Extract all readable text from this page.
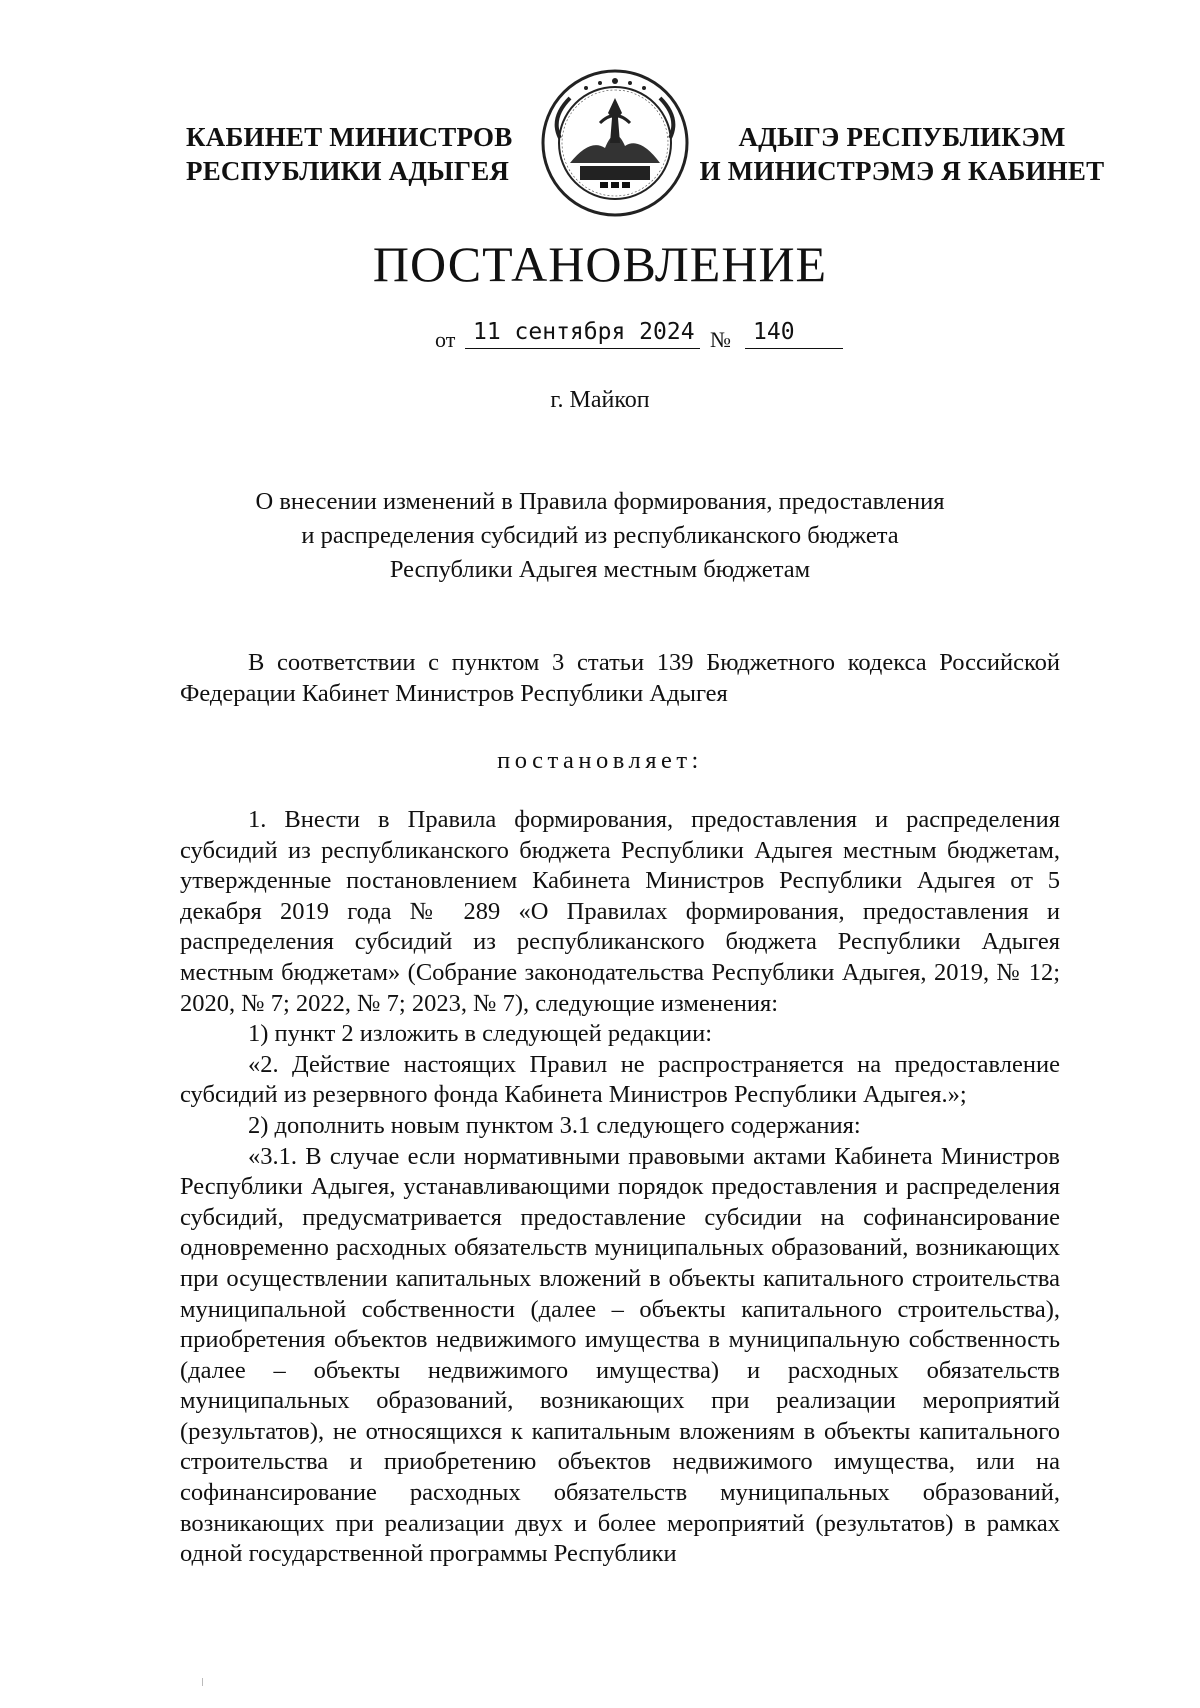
КАБИНЕТ МИНИСТРОВ
РЕСПУБЛИКИ АДЫГЕЯ
АДЫГЭ РЕСПУБЛИКЭМ
И МИНИСТРЭМЭ Я КАБИНЕТ
ПОСТАНОВЛЕНИЕ
от 11 сентября 2024 № 140
г. Майкоп
О внесении изменений в Правила формирования, предоставления
и распределения субсидий из республиканского бюджета
Республики Адыгея местным бюджетам

В соответствии с пунктом 3 статьи 139 Бюджетного кодекса Российской Федерации Кабинет Министров Республики Адыгея

постановляет:

1. Внести в Правила формирования, предоставления и распределения субсидий из республиканского бюджета Республики Адыгея местным бюджетам, утвержденные постановлением Кабинета Министров Республики Адыгея от 5 декабря 2019 года № 289 «О Правилах формирования, предоставления и распределения субсидий из республиканского бюджета Республики Адыгея местным бюджетам» (Собрание законодательства Республики Адыгея, 2019, № 12; 2020, № 7; 2022, № 7; 2023, № 7), следующие изменения:

1) пункт 2 изложить в следующей редакции:

«2. Действие настоящих Правил не распространяется на предоставление субсидий из резервного фонда Кабинета Министров Республики Адыгея.»;

2) дополнить новым пунктом 3.1 следующего содержания:

«3.1. В случае если нормативными правовыми актами Кабинета Министров Республики Адыгея, устанавливающими порядок предоставления и распределения субсидий, предусматривается предоставление субсидии на софинансирование одновременно расходных обязательств муниципальных образований, возникающих при осуществлении капитальных вложений в объекты капитального строительства муниципальной собственности (далее – объекты капитального строительства), приобретения объектов недвижимого имущества в муниципальную собственность (далее – объекты недвижимого имущества) и расходных обязательств муниципальных образований, возникающих при реализации мероприятий (результатов), не относящихся к капитальным вложениям в объекты капитального строительства и приобретению объектов недвижимого имущества, или на софинансирование расходных обязательств муниципальных образований, возникающих при реализации двух и более мероприятий (результатов) в рамках одной государственной программы Республики
